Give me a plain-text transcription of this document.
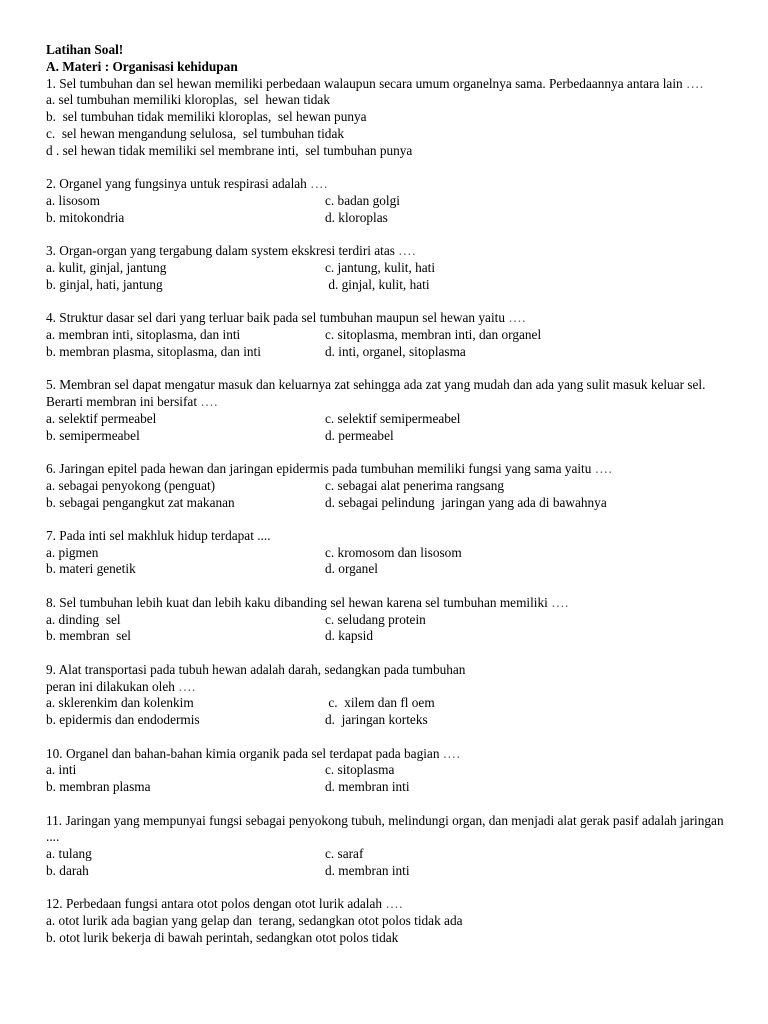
Latihan Soal!
A. Materi : Organisasi kehidupan
1. Sel tumbuhan dan sel hewan memiliki perbedaan walaupun secara umum organelnya sama. Perbedaannya antara lain ….
a. sel tumbuhan memiliki kloroplas,  sel  hewan tidak
b.  sel tumbuhan tidak memiliki kloroplas,  sel hewan punya
c.  sel hewan mengandung selulosa,  sel tumbuhan tidak
d . sel hewan tidak memiliki sel membrane inti,  sel tumbuhan punya
2. Organel yang fungsinya untuk respirasi adalah ….
a. lisosom	c. badan golgi
b. mitokondria	d. kloroplas
3. Organ-organ yang tergabung dalam system ekskresi terdiri atas ….
a. kulit, ginjal, jantung	c. jantung, kulit, hati
b. ginjal, hati, jantung	d. ginjal, kulit, hati
4. Struktur dasar sel dari yang terluar baik pada sel tumbuhan maupun sel hewan yaitu ….
a. membran inti, sitoplasma, dan inti	c. sitoplasma, membran inti, dan organel
b. membran plasma, sitoplasma, dan inti	d. inti, organel, sitoplasma
5. Membran sel dapat mengatur masuk dan keluarnya zat sehingga ada zat yang mudah dan ada yang sulit masuk keluar sel. Berarti membran ini bersifat ….
a. selektif permeabel	c. selektif semipermeabel
b. semipermeabel	d. permeabel
6. Jaringan epitel pada hewan dan jaringan epidermis pada tumbuhan memiliki fungsi yang sama yaitu ….
a. sebagai penyokong (penguat)	c. sebagai alat penerima rangsang
b. sebagai pengangkut zat makanan	d. sebagai pelindung  jaringan yang ada di bawahnya
7. Pada inti sel makhluk hidup terdapat ....
a. pigmen	c. kromosom dan lisosom
b. materi genetik	d. organel
8. Sel tumbuhan lebih kuat dan lebih kaku dibanding sel hewan karena sel tumbuhan memiliki ….
a. dinding  sel	c. seludang protein
b. membran  sel	d. kapsid
9. Alat transportasi pada tubuh hewan adalah darah, sedangkan pada tumbuhan
peran ini dilakukan oleh ….
a. sklerenkim dan kolenkim	c.  xilem dan fl oem
b. epidermis dan endodermis	d.  jaringan korteks
10. Organel dan bahan-bahan kimia organik pada sel terdapat pada bagian ….
a. inti	c. sitoplasma
b. membran plasma	d. membran inti
11. Jaringan yang mempunyai fungsi sebagai penyokong tubuh, melindungi organ, dan menjadi alat gerak pasif adalah jaringan ....
a. tulang	c. saraf
b. darah	d. membran inti
12. Perbedaan fungsi antara otot polos dengan otot lurik adalah ….
a. otot lurik ada bagian yang gelap dan  terang, sedangkan otot polos tidak ada
b. otot lurik bekerja di bawah perintah, sedangkan otot polos tidak
